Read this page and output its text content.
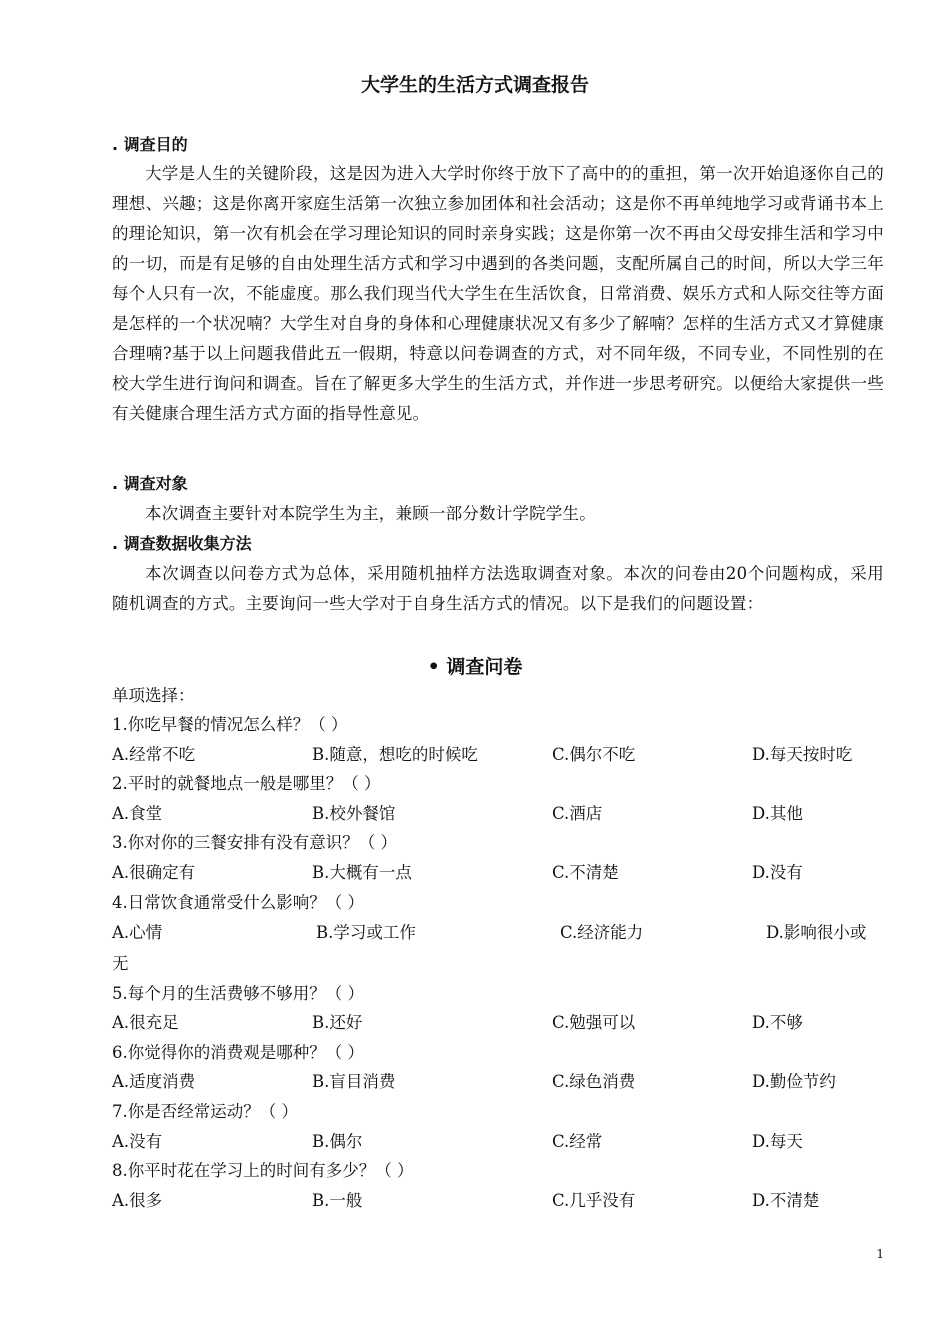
大学生的生活方式调查报告
. 调查目的
大学是人生的关键阶段，这是因为进入大学时你终于放下了高中的的重担，第一次开始追逐你自己的理想、兴趣；这是你离开家庭生活第一次独立参加团体和社会活动；这是你不再单纯地学习或背诵书本上的理论知识，第一次有机会在学习理论知识的同时亲身实践；这是你第一次不再由父母安排生活和学习中的一切，而是有足够的自由处理生活方式和学习中遇到的各类问题，支配所属自己的时间，所以大学三年每个人只有一次，不能虚度。那么我们现当代大学生在生活饮食，日常消费、娱乐方式和人际交往等方面是怎样的一个状况喃？大学生对自身的身体和心理健康状况又有多少了解喃？怎样的生活方式又才算健康合理喃?基于以上问题我借此五一假期，特意以问卷调查的方式，对不同年级，不同专业，不同性别的在校大学生进行询问和调查。旨在了解更多大学生的生活方式，并作进一步思考研究。以便给大家提供一些有关健康合理生活方式方面的指导性意见。
. 调查对象
本次调查主要针对本院学生为主，兼顾一部分数计学院学生。
. 调查数据收集方法
本次调查以问卷方式为总体，采用随机抽样方法选取调查对象。本次的问卷由20个问题构成，采用随机调查的方式。主要询问一些大学对于自身生活方式的情况。以下是我们的问题设置：
• 调查问卷
单项选择：
1.你吃早餐的情况怎么样？（ ）
A.经常不吃	B.随意，想吃的时候吃	C.偶尔不吃	D.每天按时吃
2.平时的就餐地点一般是哪里？（ ）
A.食堂	B.校外餐馆	C.酒店	D.其他
3.你对你的三餐安排有没有意识？（ ）
A.很确定有	B.大概有一点	C.不清楚	D.没有
4.日常饮食通常受什么影响？（ ）
A.心情	B.学习或工作	C.经济能力	D.影响很小或
无
5.每个月的生活费够不够用？（ ）
A.很充足	B.还好	C.勉强可以	D.不够
6.你觉得你的消费观是哪种？（ ）
A.适度消费	B.盲目消费	C.绿色消费	D.勤俭节约
7.你是否经常运动？（ ）
A.没有	B.偶尔	C.经常	D.每天
8.你平时花在学习上的时间有多少？（ ）
A.很多	B.一般	C.几乎没有	D.不清楚
1
